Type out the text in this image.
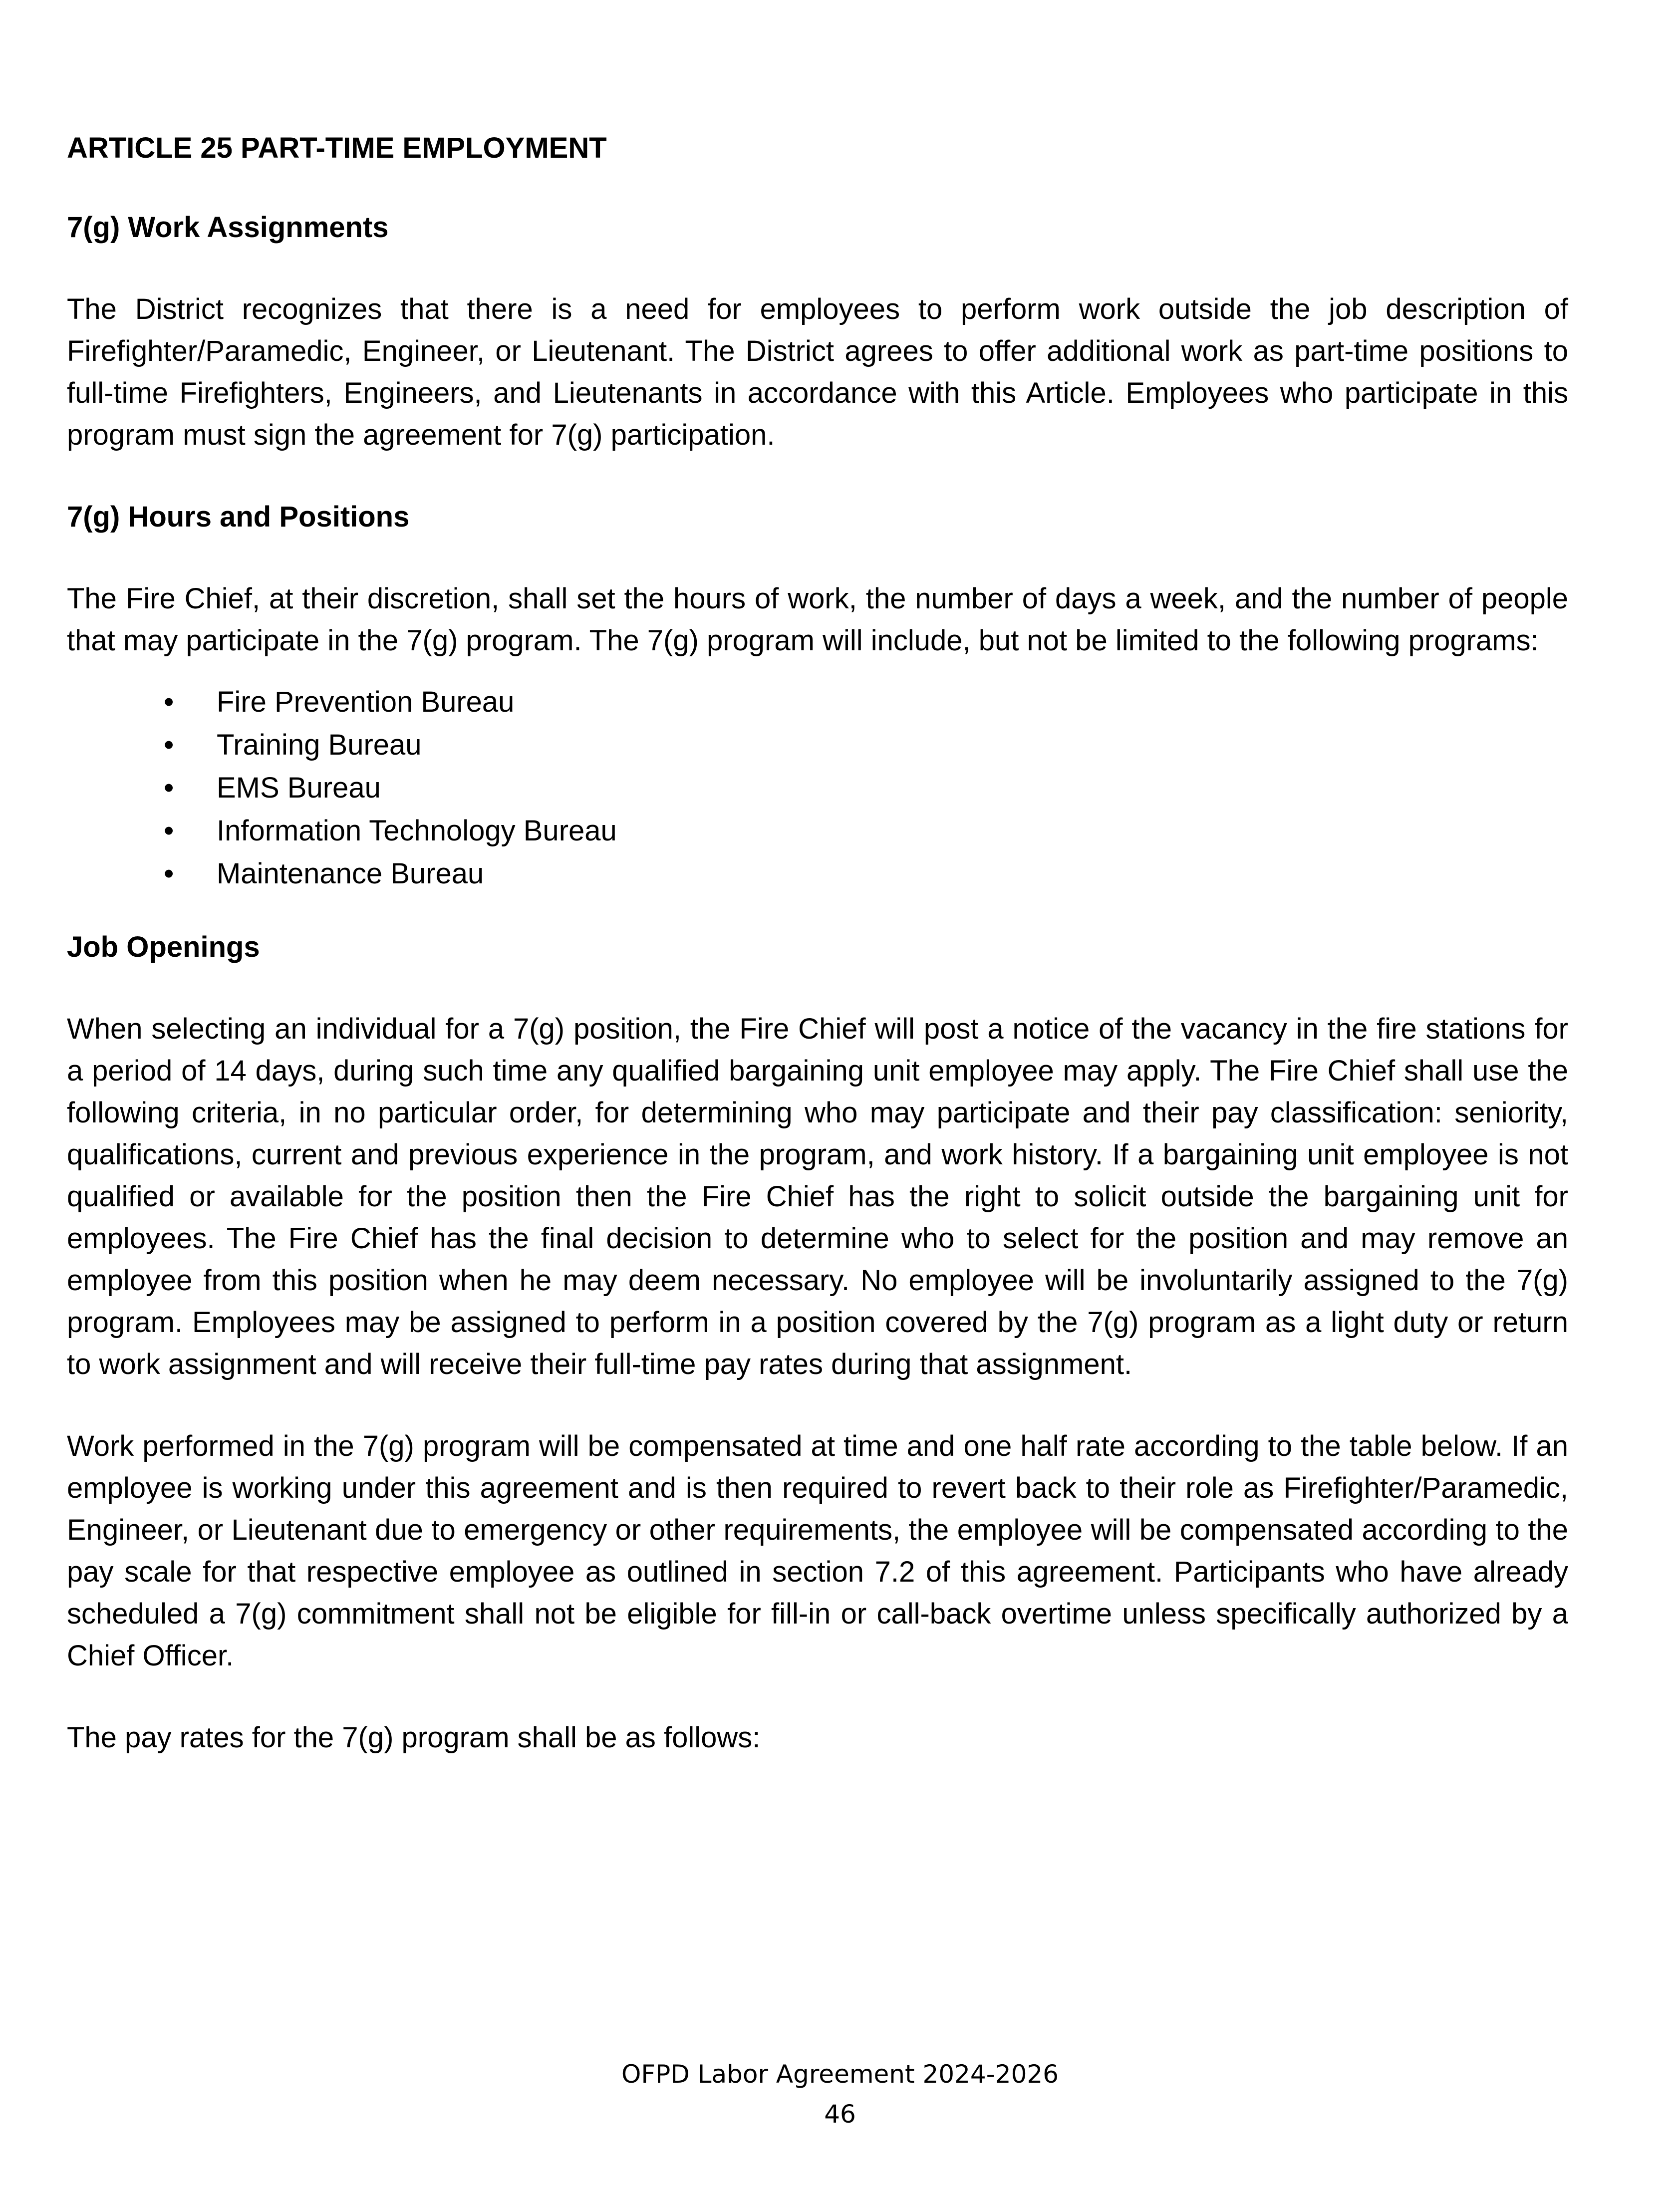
ARTICLE 25 PART-TIME EMPLOYMENT

7(g) Work Assignments

The District recognizes that there is a need for employees to perform work outside the job description of Firefighter/Paramedic, Engineer, or Lieutenant. The District agrees to offer additional work as part-time positions to full-time Firefighters, Engineers, and Lieutenants in accordance with this Article. Employees who participate in this program must sign the agreement for 7(g) participation.

7(g) Hours and Positions

The Fire Chief, at their discretion, shall set the hours of work, the number of days a week, and the number of people that may participate in the 7(g) program. The 7(g) program will include, but not be limited to the following programs:

• Fire Prevention Bureau
• Training Bureau
• EMS Bureau
• Information Technology Bureau
• Maintenance Bureau

Job Openings

When selecting an individual for a 7(g) position, the Fire Chief will post a notice of the vacancy in the fire stations for a period of 14 days, during such time any qualified bargaining unit employee may apply. The Fire Chief shall use the following criteria, in no particular order, for determining who may participate and their pay classification: seniority, qualifications, current and previous experience in the program, and work history. If a bargaining unit employee is not qualified or available for the position then the Fire Chief has the right to solicit outside the bargaining unit for employees. The Fire Chief has the final decision to determine who to select for the position and may remove an employee from this position when he may deem necessary. No employee will be involuntarily assigned to the 7(g) program. Employees may be assigned to perform in a position covered by the 7(g) program as a light duty or return to work assignment and will receive their full-time pay rates during that assignment.

Work performed in the 7(g) program will be compensated at time and one half rate according to the table below. If an employee is working under this agreement and is then required to revert back to their role as Firefighter/Paramedic, Engineer, or Lieutenant due to emergency or other requirements, the employee will be compensated according to the pay scale for that respective employee as outlined in section 7.2 of this agreement. Participants who have already scheduled a 7(g) commitment shall not be eligible for fill-in or call-back overtime unless specifically authorized by a Chief Officer.

The pay rates for the 7(g) program shall be as follows:

OFPD Labor Agreement 2024-2026
46
